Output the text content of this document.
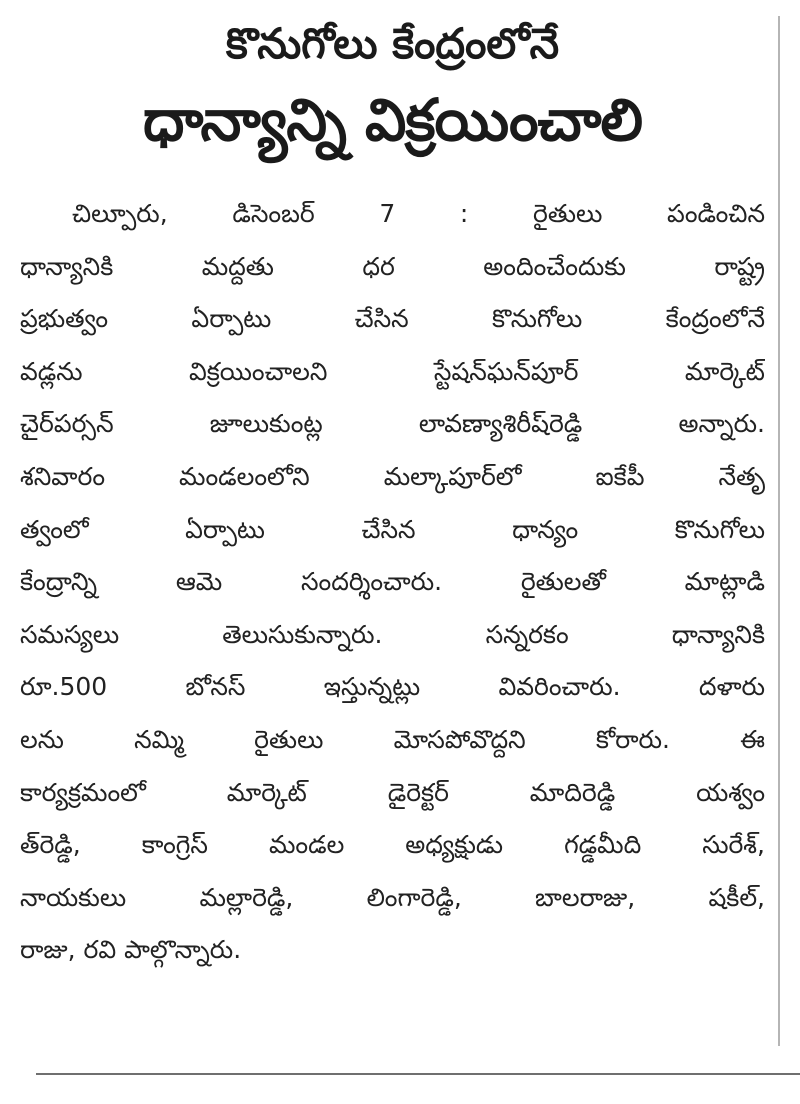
కొనుగోలు కేంద్రంలోనే
ధాన్యాన్ని విక్రయించాలి
చిల్పూరు, డిసెంబర్ 7 : రైతులు పండించిన
ధాన్యానికి మద్దతు ధర అందించేందుకు రాష్ట్ర
ప్రభుత్వం ఏర్పాటు చేసిన కొనుగోలు కేంద్రంలోనే
వడ్లను విక్రయించాలని స్టేషన్‌ఘన్‌పూర్ మార్కెట్
చైర్‌పర్సన్ జూలుకుంట్ల లావణ్యాశిరీష్‌రెడ్డి అన్నారు.
శనివారం మండలంలోని మల్కాపూర్‌లో ఐకేపీ నేతృ
త్వంలో ఏర్పాటు చేసిన ధాన్యం కొనుగోలు
కేంద్రాన్ని ఆమె సందర్శించారు. రైతులతో మాట్లాడి
సమస్యలు తెలుసుకున్నారు. సన్నరకం ధాన్యానికి
రూ.500 బోనస్ ఇస్తున్నట్లు వివరించారు. దళారు
లను నమ్మి రైతులు మోసపోవొద్దని కోరారు. ఈ
కార్యక్రమంలో మార్కెట్ డైరెక్టర్ మాదిరెడ్డి యశ్వం
త్‌రెడ్డి, కాంగ్రెస్ మండల అధ్యక్షుడు గడ్డమీది సురేశ్,
నాయకులు మల్లారెడ్డి, లింగారెడ్డి, బాలరాజు, షకీల్,
రాజు, రవి పాల్గొన్నారు.
